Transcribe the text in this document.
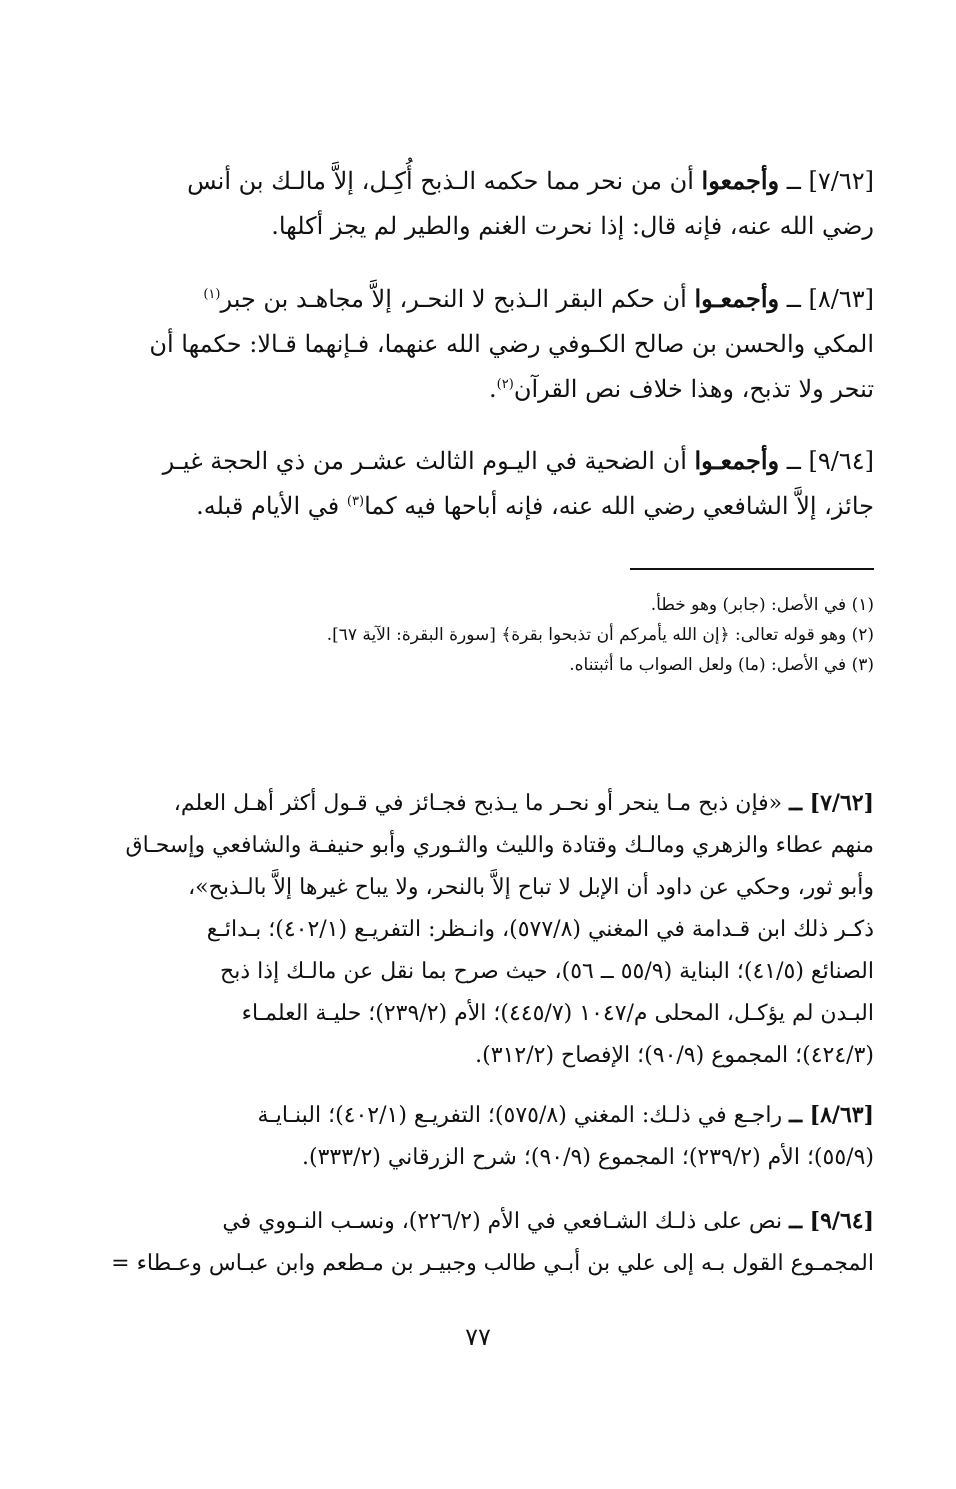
[٧/٦٢] ــ وأجمعوا أن من نحر مما حكمه الـذبح أُكِـل، إلاَّ مالـك بن أنس
رضي الله عنه، فإنه قال: إذا نحرت الغنم والطير لم يجز أكلها.
[٨/٦٣] ــ وأجمعـوا أن حكم البقر الـذبح لا النحـر، إلاَّ مجاهـد بن جبر$^{(١)}$
المكي والحسن بن صالح الكـوفي رضي الله عنهما، فـإنهما قـالا: حكمها أن
تنحر ولا تذبح، وهذا خلاف نص القرآن$^{(٢)}$.
[٩/٦٤] ــ وأجمعـوا أن الضحية في اليـوم الثالث عشـر من ذي الحجة غيـر
جائز، إلاَّ الشافعي رضي الله عنه، فإنه أباحها فيه كما$^{(٣)}$ في الأيام قبله.
(١) في الأصل: (جابر) وهو خطأ.
(٢) وهو قوله تعالى: ﴿إن الله يأمركم أن تذبحوا بقرة﴾ [سورة البقرة: الآية ٦٧].
(٣) في الأصل: (ما) ولعل الصواب ما أثبتناه.
[٧/٦٢] ــ «فإن ذبح مـا ينحر أو نحـر ما يـذبح فجـائز في قـول أكثر أهـل العلم،
منهم عطاء والزهري ومالـك وقتادة والليث والثـوري وأبو حنيفـة والشافعي وإسحـاق
وأبو ثور، وحكي عن داود أن الإبل لا تباح إلاَّ بالنحر، ولا يباح غيرها إلاَّ بالـذبح»،
ذكـر ذلك ابن قـدامة في المغني (٥٧٧/٨)، وانـظر: التفريـع (٤٠٢/١)؛ بـدائـع
الصنائع (٤١/٥)؛ البناية (٥٥/٩ ــ ٥٦)، حيث صرح بما نقل عن مالـك إذا ذبح
البـدن لم يؤكـل، المحلى م/١٠٤٧ (٤٤٥/٧)؛ الأم (٢٣٩/٢)؛ حليـة العلمـاء
(٤٢٤/٣)؛ المجموع (٩٠/٩)؛ الإفصاح (٣١٢/٢).
[٨/٦٣] ــ راجـع في ذلـك: المغني (٥٧٥/٨)؛ التفريـع (٤٠٢/١)؛ البنـايـة
(٥٥/٩)؛ الأم (٢٣٩/٢)؛ المجموع (٩٠/٩)؛ شرح الزرقاني (٣٣٣/٢).
[٩/٦٤] ــ نص على ذلـك الشـافعي في الأم (٢٢٦/٢)، ونسـب النـووي في
المجمـوع القول بـه إلى علي بن أبـي طالب وجبيـر بن مـطعم وابن عبـاس وعـطاء =
٧٧
